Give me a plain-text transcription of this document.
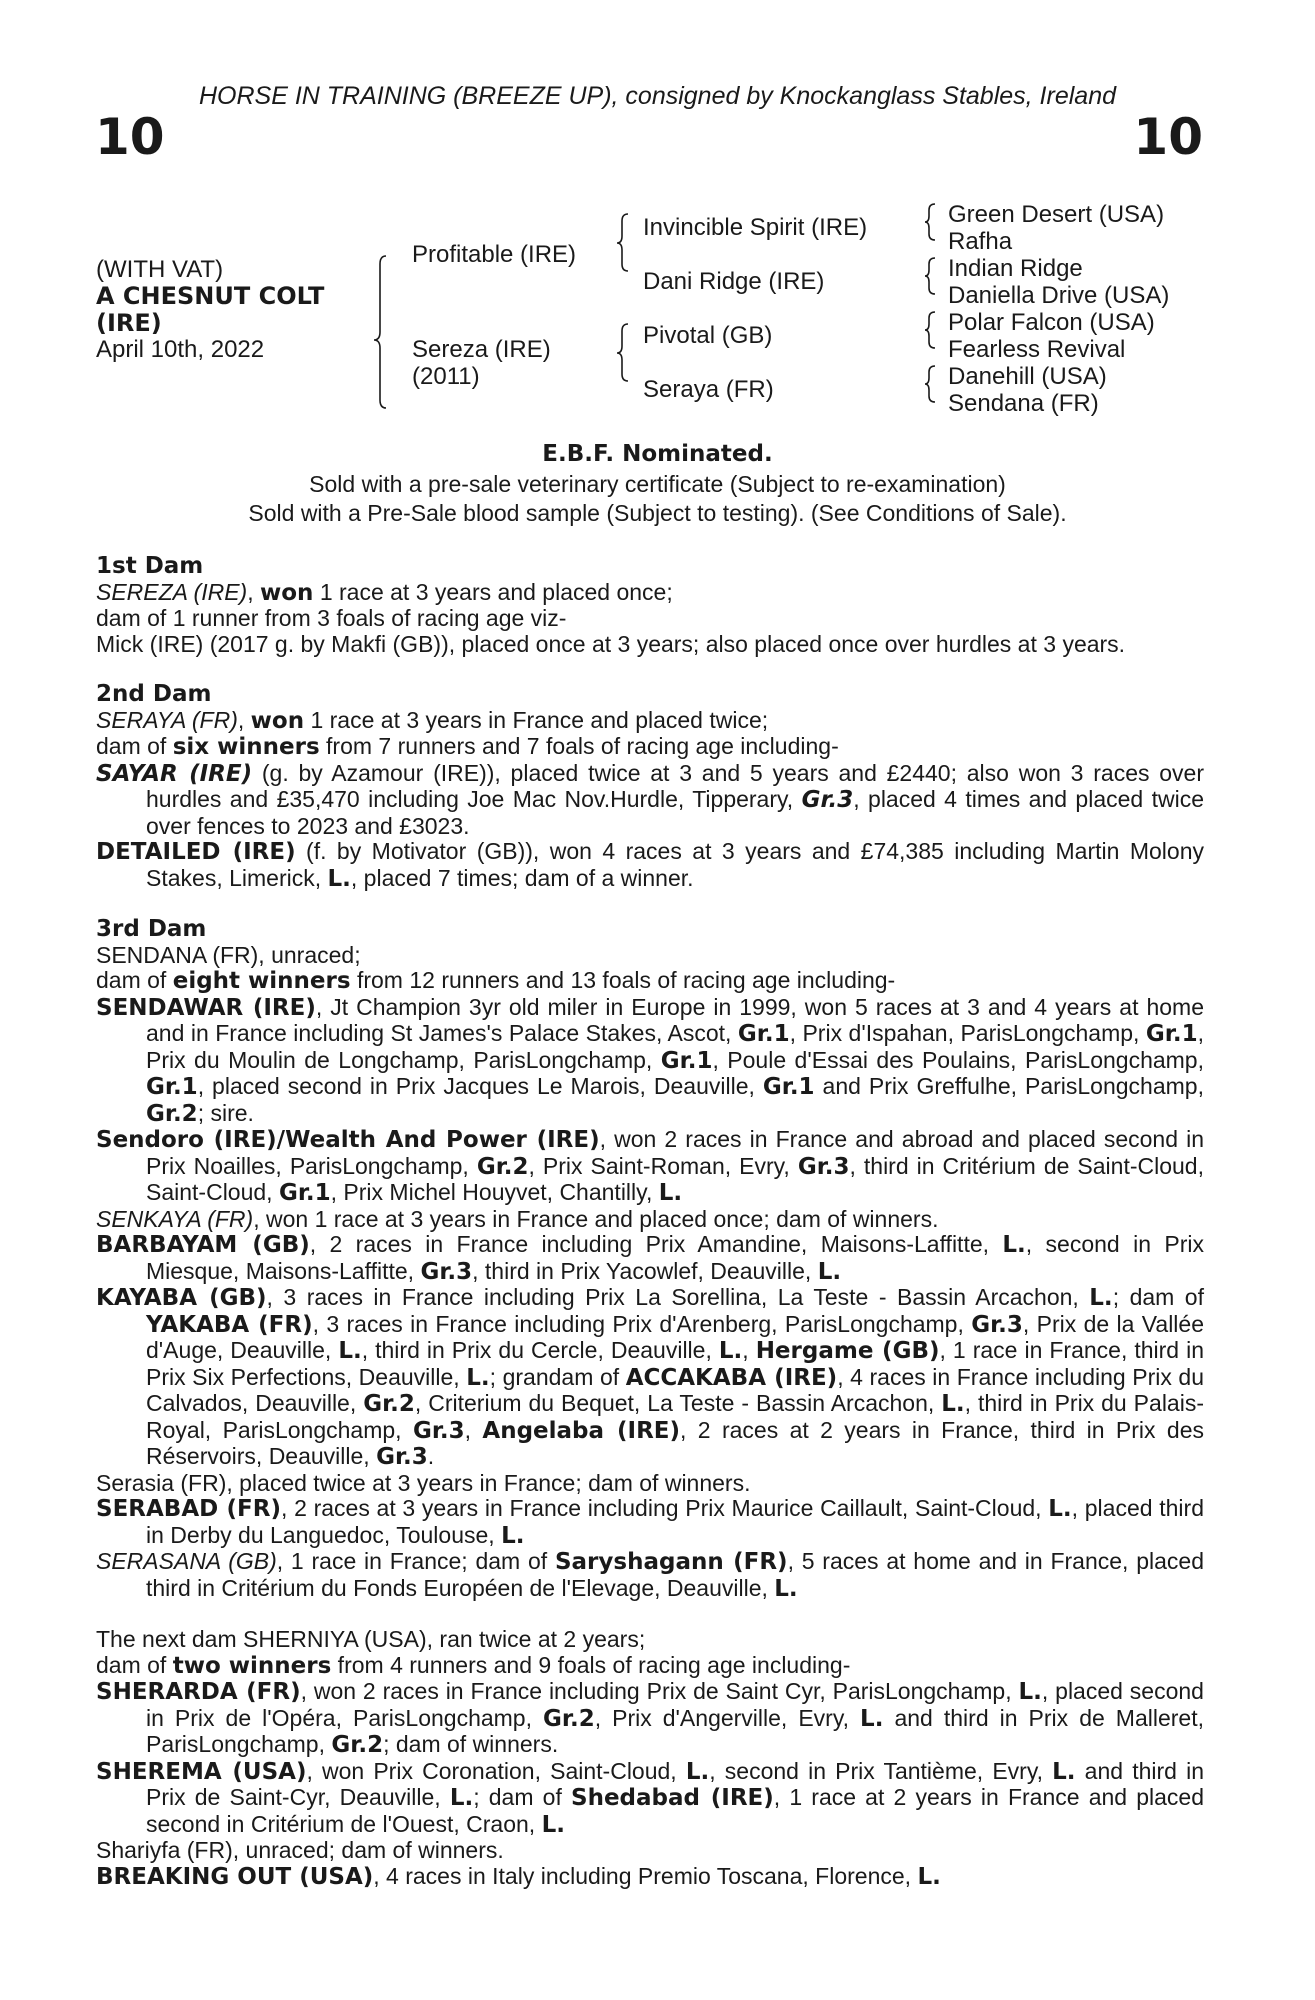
HORSE IN TRAINING (BREEZE UP), consigned by Knockanglass Stables, Ireland
10	10
(WITH VAT)
A CHESNUT COLT
(IRE)
April 10th, 2022
Profitable (IRE)
Sereza (IRE)
(2011)
Invincible Spirit (IRE)
Dani Ridge (IRE)
Pivotal (GB)
Seraya (FR)
Green Desert (USA)
Rafha
Indian Ridge
Daniella Drive (USA)
Polar Falcon (USA)
Fearless Revival
Danehill (USA)
Sendana (FR)
E.B.F. Nominated.
Sold with a pre-sale veterinary certificate (Subject to re-examination)
Sold with a Pre-Sale blood sample (Subject to testing). (See Conditions of Sale).

1st Dam

SEREZA (IRE), won 1 race at 3 years and placed once;

dam of 1 runner from 3 foals of racing age viz-

Mick (IRE) (2017 g. by Makfi (GB)), placed once at 3 years; also placed once over hurdles at 3 years.

2nd Dam

SERAYA (FR), won 1 race at 3 years in France and placed twice;

dam of six winners from 7 runners and 7 foals of racing age including-

SAYAR (IRE) (g. by Azamour (IRE)), placed twice at 3 and 5 years and £2440; also won 3 races over hurdles and £35,470 including Joe Mac Nov.Hurdle, Tipperary, Gr.3, placed 4 times and placed twice over fences to 2023 and £3023.

DETAILED (IRE) (f. by Motivator (GB)), won 4 races at 3 years and £74,385 including Martin Molony Stakes, Limerick, L., placed 7 times; dam of a winner.

3rd Dam

SENDANA (FR), unraced;

dam of eight winners from 12 runners and 13 foals of racing age including-

SENDAWAR (IRE), Jt Champion 3yr old miler in Europe in 1999, won 5 races at 3 and 4 years at home and in France including St James's Palace Stakes, Ascot, Gr.1, Prix d'Ispahan, ParisLongchamp, Gr.1, Prix du Moulin de Longchamp, ParisLongchamp, Gr.1, Poule d'Essai des Poulains, ParisLongchamp, Gr.1, placed second in Prix Jacques Le Marois, Deauville, Gr.1 and Prix Greffulhe, ParisLongchamp, Gr.2; sire.

Sendoro (IRE)/Wealth And Power (IRE), won 2 races in France and abroad and placed second in Prix Noailles, ParisLongchamp, Gr.2, Prix Saint-Roman, Evry, Gr.3, third in Critérium de Saint-Cloud, Saint-Cloud, Gr.1, Prix Michel Houyvet, Chantilly, L.

SENKAYA (FR), won 1 race at 3 years in France and placed once; dam of winners.

BARBAYAM (GB), 2 races in France including Prix Amandine, Maisons-Laffitte, L., second in Prix Miesque, Maisons-Laffitte, Gr.3, third in Prix Yacowlef, Deauville, L.

KAYABA (GB), 3 races in France including Prix La Sorellina, La Teste - Bassin Arcachon, L.; dam of YAKABA (FR), 3 races in France including Prix d'Arenberg, ParisLongchamp, Gr.3, Prix de la Vallée d'Auge, Deauville, L., third in Prix du Cercle, Deauville, L., Hergame (GB), 1 race in France, third in Prix Six Perfections, Deauville, L.; grandam of ACCAKABA (IRE), 4 races in France including Prix du Calvados, Deauville, Gr.2, Criterium du Bequet, La Teste - Bassin Arcachon, L., third in Prix du Palais-Royal, ParisLongchamp, Gr.3, Angelaba (IRE), 2 races at 2 years in France, third in Prix des Réservoirs, Deauville, Gr.3.

Serasia (FR), placed twice at 3 years in France; dam of winners.

SERABAD (FR), 2 races at 3 years in France including Prix Maurice Caillault, Saint-Cloud, L., placed third in Derby du Languedoc, Toulouse, L.

SERASANA (GB), 1 race in France; dam of Saryshagann (FR), 5 races at home and in France, placed third in Critérium du Fonds Européen de l'Elevage, Deauville, L.

The next dam SHERNIYA (USA), ran twice at 2 years;

dam of two winners from 4 runners and 9 foals of racing age including-

SHERARDA (FR), won 2 races in France including Prix de Saint Cyr, ParisLongchamp, L., placed second in Prix de l'Opéra, ParisLongchamp, Gr.2, Prix d'Angerville, Evry, L. and third in Prix de Malleret, ParisLongchamp, Gr.2; dam of winners.

SHEREMA (USA), won Prix Coronation, Saint-Cloud, L., second in Prix Tantième, Evry, L. and third in Prix de Saint-Cyr, Deauville, L.; dam of Shedabad (IRE), 1 race at 2 years in France and placed second in Critérium de l'Ouest, Craon, L.

Shariyfa (FR), unraced; dam of winners.

BREAKING OUT (USA), 4 races in Italy including Premio Toscana, Florence, L.
